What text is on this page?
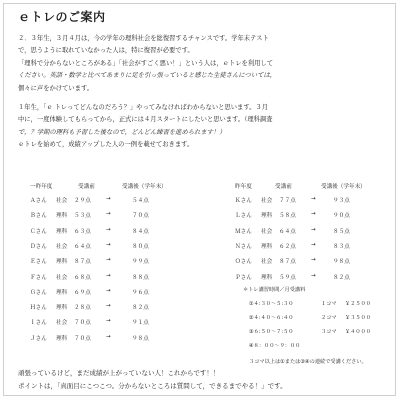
ｅトレのご案内
２．３年生，３月４月は，今の学年の理科社会を総復習するチャンスです。学年末テスト
で，思うように取れていなかった人は，特に復習が必要です。
「理科で分からないところがある」「社会がすごく悪い！」という人は，ｅトレを利用して
ください。英語・数学と比べてあまりに足を引っ張っていると感じた生徒さんについては，
個々に声をかけています。
１年生，「ｅ トレってどんなのだろう？」やってみなければわからないと思います。３月
中に，一度体験してもらってから，正式には４月スタートにしたいと思います。（理科調査
で，？学期の理科も予習した後なので，どんどん練習を進められます！）
ｅトレを始めて，成績アップした人の一例を載せておきます。
一昨年度	受講前	受講後（学年末）
Ａさん 社会 ２９点	→	５４点
Ｂさん 理科 ５３点	→	７０点
Ｃさん 理科 ６３点	→	８４点
Ｄさん 社会 ６４点	→	８０点
Ｅさん 理科 ８７点	→	９９点
Ｆさん 社会 ６８点	→	８８点
Ｇさん 理科 ６９点	→	９６点
Ｈさん 理科 ２８点	→	８２点
Ｉさん 社会 ７０点	→	９１点
Ｊさん 理科 ７０点	→	９８点
昨年度	受講前	受講後（学年末）
Ｋさん 社会 ７７点	→	９３点
Ｌさん 理科 ５８点	→	９０点
Ｍさん 社会 ６４点	→	８５点
Ｎさん 理科 ６２点	→	８３点
Ｏさん 社会 ８７点	→	９８点
Ｐさん 理科 ５９点	→	８２点
＊トレ講習時間／月受講料
①４:３０〜５:３０	１コマ ￥２５００
②４:４０〜６:４０	２コマ ￥３５００
③６:５０〜７:５０	３コマ ￥４０００
④８：００〜９：００
３コマ以上は①または③④の連続で受講ください。
頑張っているけど，まだ成績が上がっていない人！これからです！！
ポイントは，「真面目にこつこつ。分からないところは質問して，できるまでやる！」です。
